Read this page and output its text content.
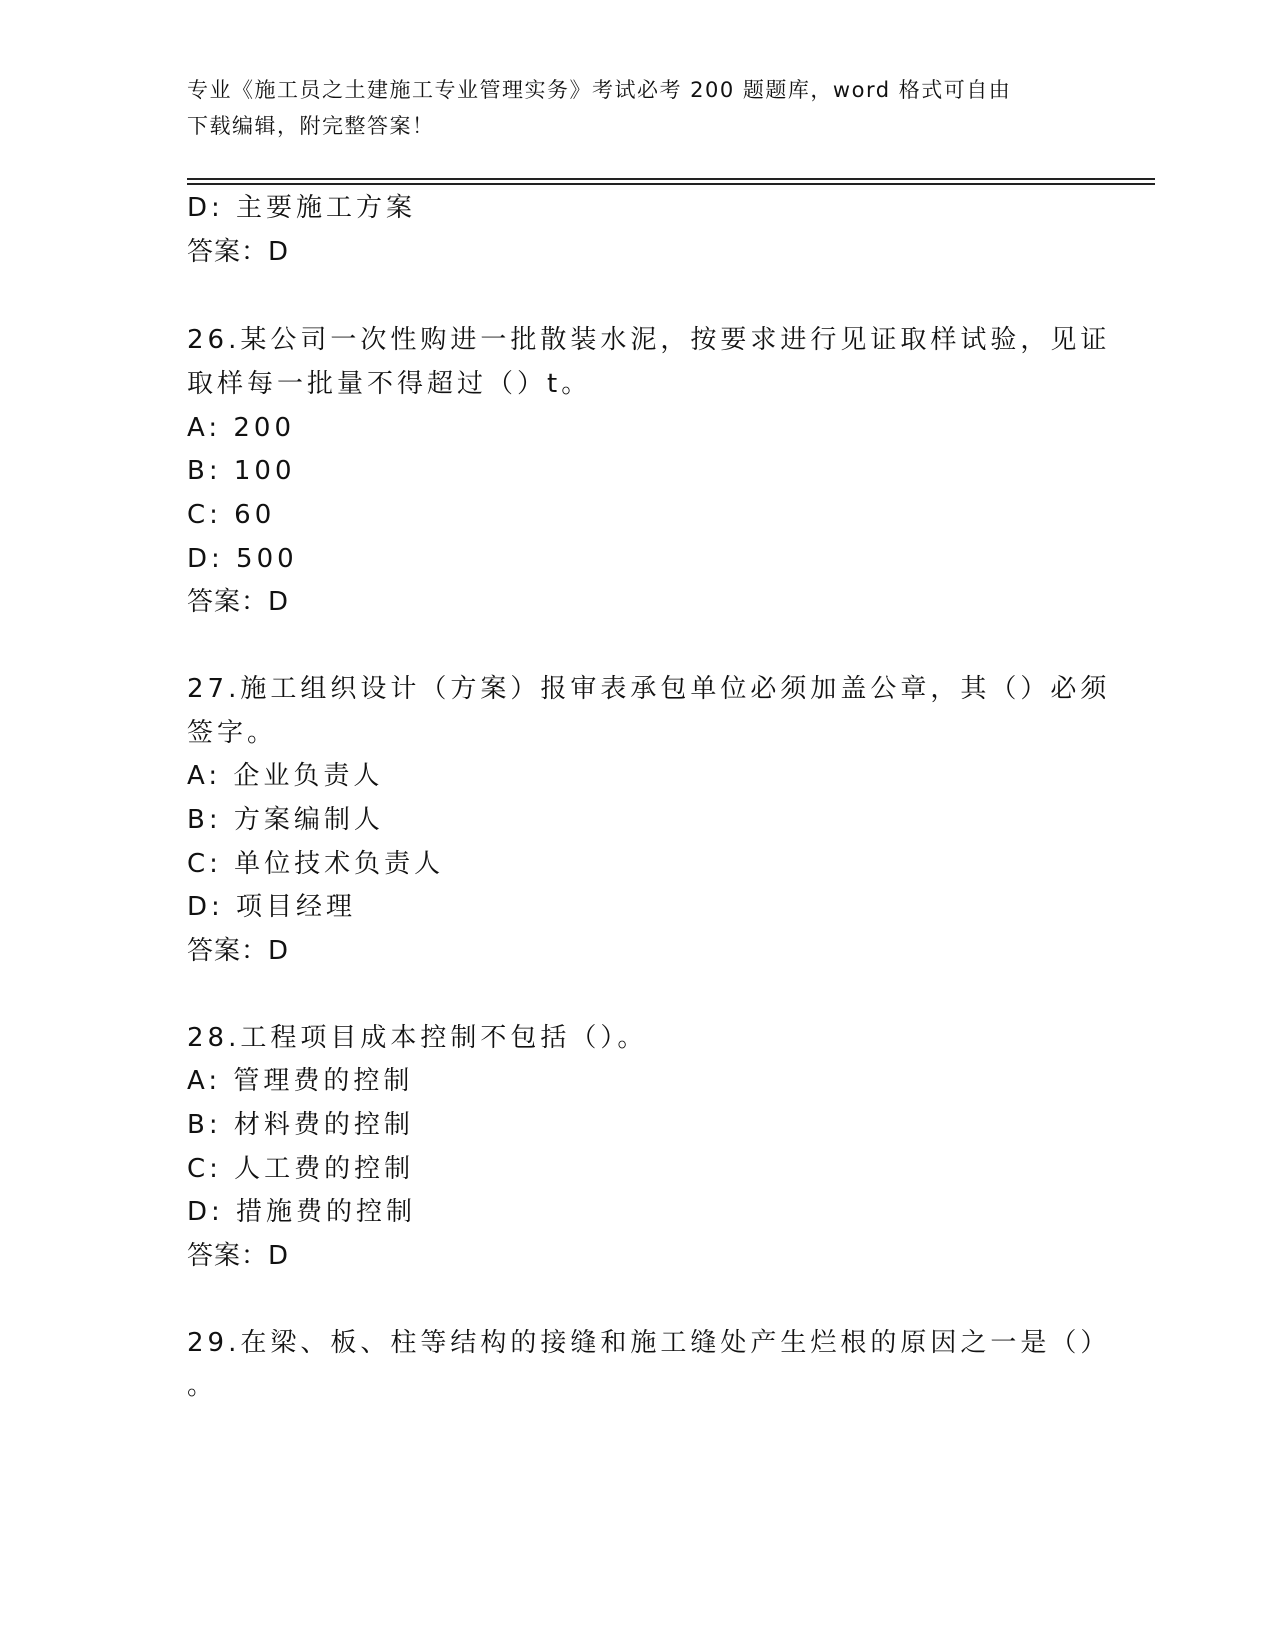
专业《施工员之土建施工专业管理实务》考试必考 200 题题库，word 格式可自由
下载编辑，附完整答案！
D: 主要施工方案
答案：D
26.某公司一次性购进一批散装水泥，按要求进行见证取样试验，见证
取样每一批量不得超过（）t。
A: 200
B: 100
C: 60
D: 500
答案：D
27.施工组织设计（方案）报审表承包单位必须加盖公章，其（）必须
签字。
A: 企业负责人
B: 方案编制人
C: 单位技术负责人
D: 项目经理
答案：D
28.工程项目成本控制不包括（）。
A: 管理费的控制
B: 材料费的控制
C: 人工费的控制
D: 措施费的控制
答案：D
29.在梁、板、柱等结构的接缝和施工缝处产生烂根的原因之一是（）
。
